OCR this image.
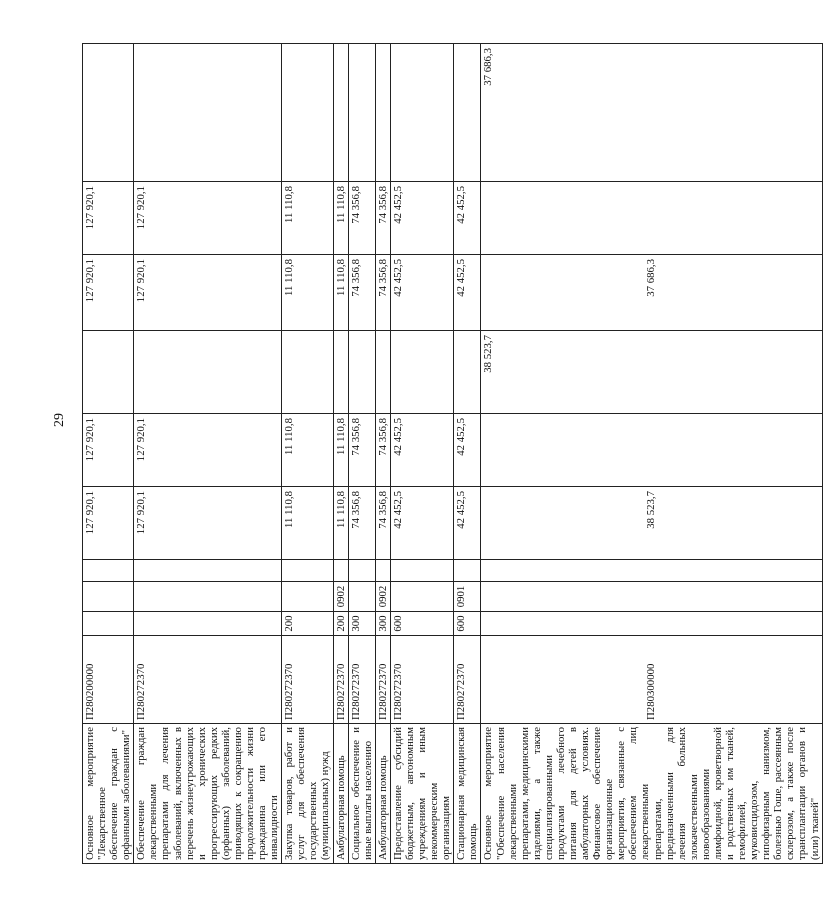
29
Основное мероприятие "Лекарственное обеспечение граждан с орфанными заболеваниями"	П280200000				127 920,1	127 920,1		127 920,1	127 920,1	
Обеспечение граждан лекарственными препаратами для лечения заболеваний, включенных в перечень жизнеугрожающих и хронических прогрессирующих редких (орфанных) заболеваний, приводящих к сокращению продолжительности жизни гражданина или его инвалидности	П280272370				127 920,1	127 920,1		127 920,1	127 920,1	
Закупка товаров, работ и услуг для обеспечения государственных (муниципальных) нужд	П280272370	200			11 110,8	11 110,8		11 110,8	11 110,8	
Амбулаторная помощь	П280272370	200	0902		11 110,8	11 110,8		11 110,8	11 110,8	
Социальное обеспечение и иные выплаты населению	П280272370	300			74 356,8	74 356,8		74 356,8	74 356,8	
Амбулаторная помощь	П280272370	300	0902		74 356,8	74 356,8		74 356,8	74 356,8	
Предоставление субсидий бюджетным, автономным учреждениям и иным некоммерческим организациям	П280272370	600			42 452,5	42 452,5		42 452,5	42 452,5	
Стационарная медицинская помощь	П280272370	600	0901		42 452,5	42 452,5		42 452,5	42 452,5	
Основное мероприятие "Обеспечение населения лекарственными препаратами, медицинскими изделиями, а также специализированными продуктами лечебного питания для детей в амбулаторных условиях. Финансовое обеспечение организационные мероприятия, связанные с обеспечением лиц лекарственными препаратами, предназначенными для лечения больных злокачественными новообразованиями лимфоидной, кроветворной и родственных им тканей, гемофилией, муковисцидозом, гипофизарным нанизмом, болезнью Гоше, рассеянным склерозом, а также после трансплантации органов и (или) тканей"	П280300000				38 523,7		38 523,7	37 686,3		37 686,3
